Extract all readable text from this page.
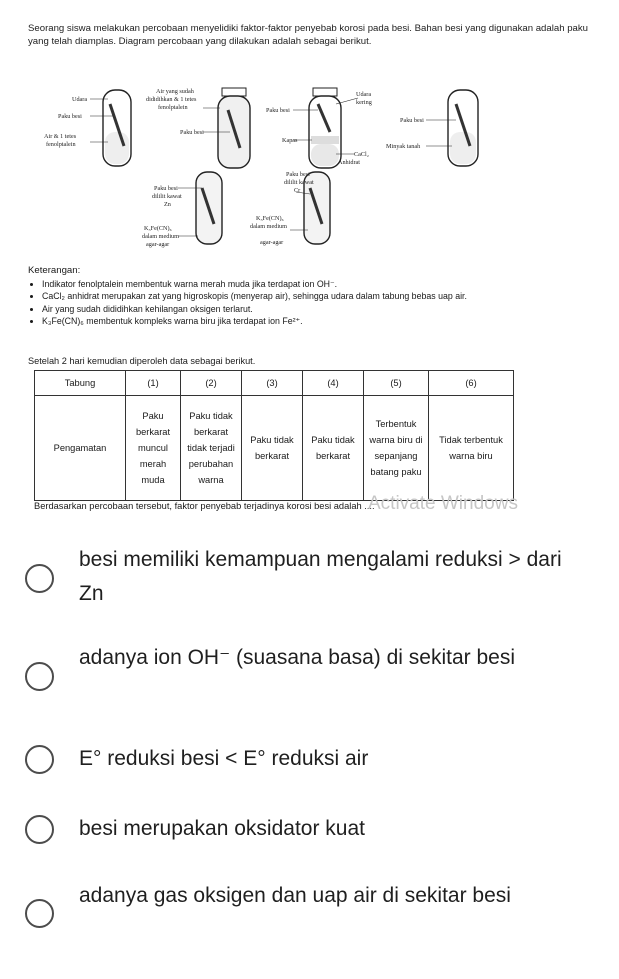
Seorang siswa melakukan percobaan menyelidiki faktor-faktor penyebab korosi pada besi. Bahan besi yang digunakan adalah paku yang telah diamplas. Diagram percobaan yang dilakukan adalah sebagai berikut.
Udara
Paku besi
Air & 1 tetes
fenolptalein
Air yang sudah
dididihkan & 1 tetes
fenolptalein
Paku besi
Paku besi
Udara
kering
Kapas
CaCl₂
Anhidrat
Paku besi
Minyak tanah
Paku besi
dililit kawat
Zn
K₃Fe(CN)₆
dalam medium
agar-agar
Paku besi
dililit kawat
Cr
K₃Fe(CN)₆
dalam medium
agar-agar
Keterangan:
• Indikator fenolptalein membentuk warna merah muda jika terdapat ion OH⁻.
• CaCl₂ anhidrat merupakan zat yang higroskopis (menyerap air), sehingga udara dalam tabung bebas uap air.
• Air yang sudah dididihkan kehilangan oksigen terlarut.
• K₃Fe(CN)₆ membentuk kompleks warna biru jika terdapat ion Fe²⁺.
Setelah 2 hari kemudian diperoleh data sebagai berikut.
Tabung	(1)	(2)	(3)	(4)	(5)	(6)
Pengamatan	Paku berkarat muncul merah muda	Paku tidak berkarat tidak terjadi perubahan warna	Paku tidak berkarat	Paku tidak berkarat	Terbentuk warna biru di sepanjang batang paku	Tidak terbentuk warna biru
Berdasarkan percobaan tersebut, faktor penyebab terjadinya korosi besi adalah ....
Activate Windows
besi memiliki kemampuan mengalami reduksi > dari Zn
adanya ion OH⁻ (suasana basa) di sekitar besi
E° reduksi besi < E° reduksi air
besi merupakan oksidator kuat
adanya gas oksigen dan uap air di sekitar besi
